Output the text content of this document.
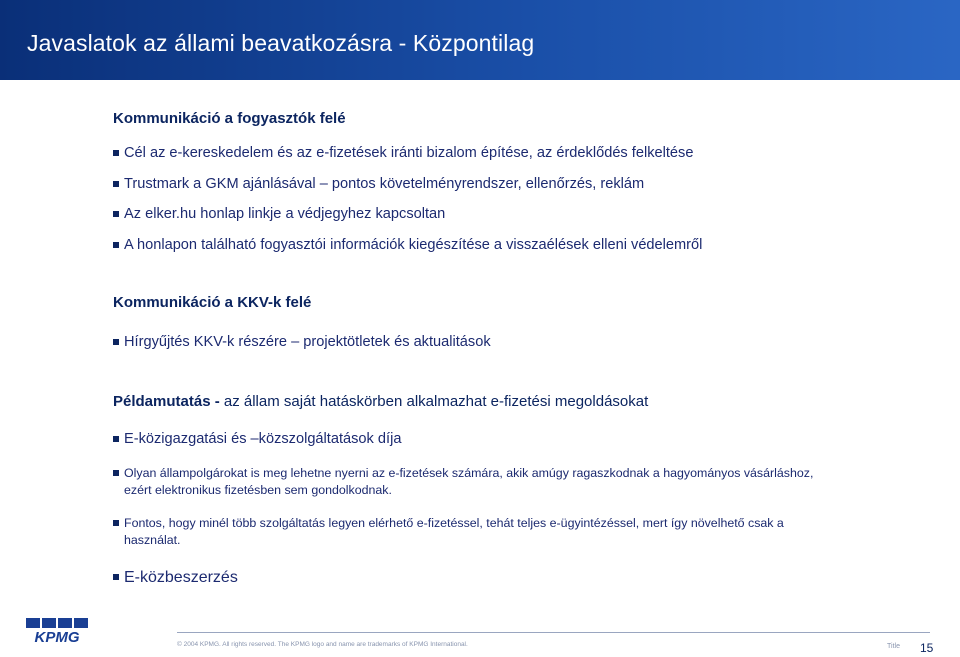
Javaslatok az állami beavatkozásra - Központilag
Kommunikáció a fogyasztók felé
Cél az e-kereskedelem és az e-fizetések iránti bizalom építése, az érdeklődés felkeltése
Trustmark a GKM ajánlásával – pontos követelményrendszer, ellenőrzés, reklám
Az elker.hu honlap linkje a védjegyhez kapcsoltan
A honlapon található fogyasztói információk kiegészítése a visszaélések elleni védelemről
Kommunikáció a KKV-k felé
Hírgyűjtés KKV-k részére – projektötletek és aktualitások
Példamutatás - az állam saját hatáskörben alkalmazhat e-fizetési megoldásokat
E-közigazgatási és –közszolgáltatások díja
Olyan állampolgárokat is meg lehetne nyerni az e-fizetések számára, akik amúgy ragaszkodnak a hagyományos vásárláshoz, ezért elektronikus fizetésben sem gondolkodnak.
Fontos, hogy minél több szolgáltatás legyen elérhető e-fizetéssel, tehát teljes e-ügyintézéssel, mert így növelhető csak a használat.
E-közbeszerzés
KPMG	© 2004 KPMG. All rights reserved. The KPMG logo and name are trademarks of KPMG International.	Title 15
